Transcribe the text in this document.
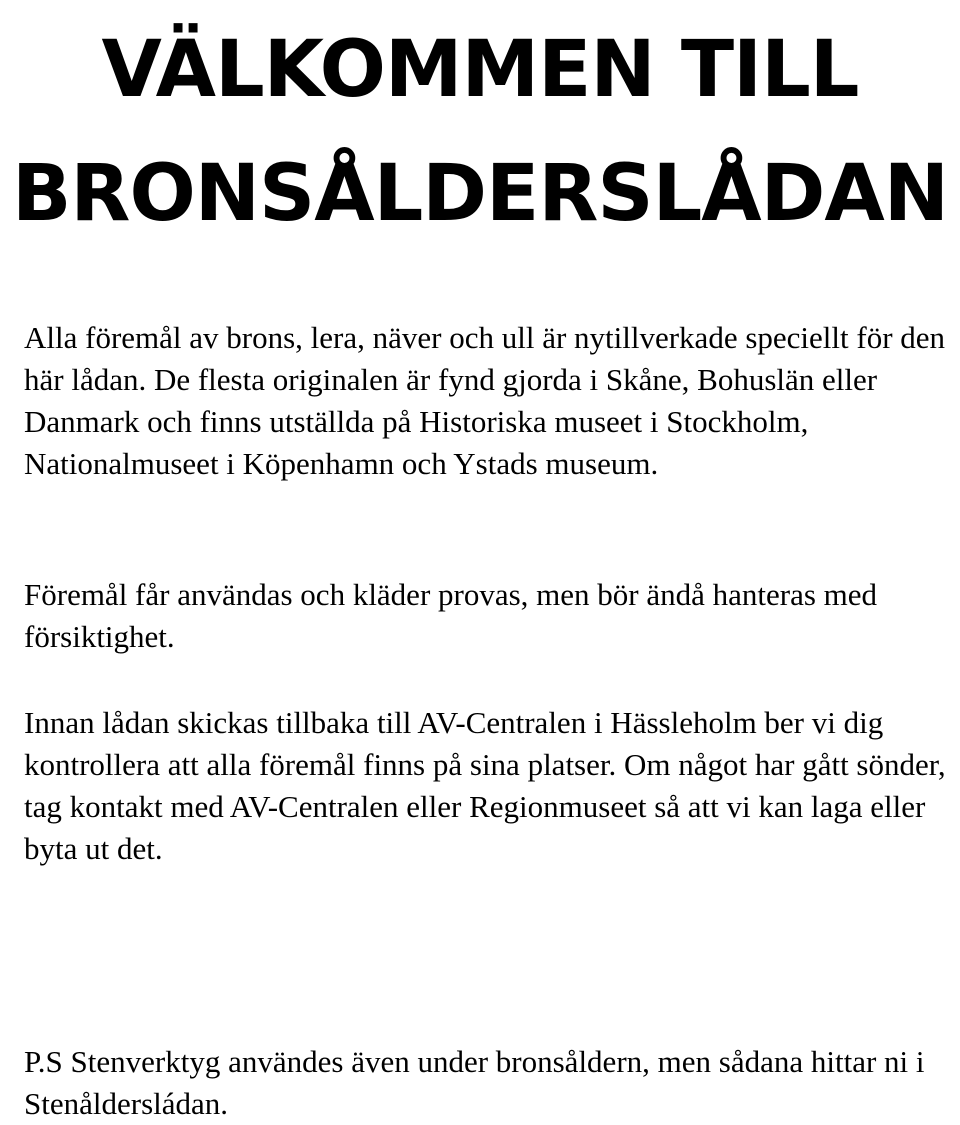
VÄLKOMMEN TILL
BRONSÅLDERSLÅDAN

Alla föremål av brons, lera, näver och ull är nytillverkade speciellt för den här lådan. De flesta originalen är fynd gjorda i Skåne, Bohuslän eller Danmark och finns utställda på Historiska museet i Stockholm, Nationalmuseet i Köpenhamn och Ystads museum.

Föremål får användas och kläder provas, men bör ändå hanteras med försiktighet.

Innan lådan skickas tillbaka till AV-Centralen i Hässleholm ber vi dig kontrollera att alla föremål finns på sina platser. Om något har gått sönder, tag kontakt med AV-Centralen eller Regionmuseet så att vi kan laga eller byta ut det.

P.S Stenverktyg användes även under bronsåldern, men sådana hittar ni i Stenåldersládan.
